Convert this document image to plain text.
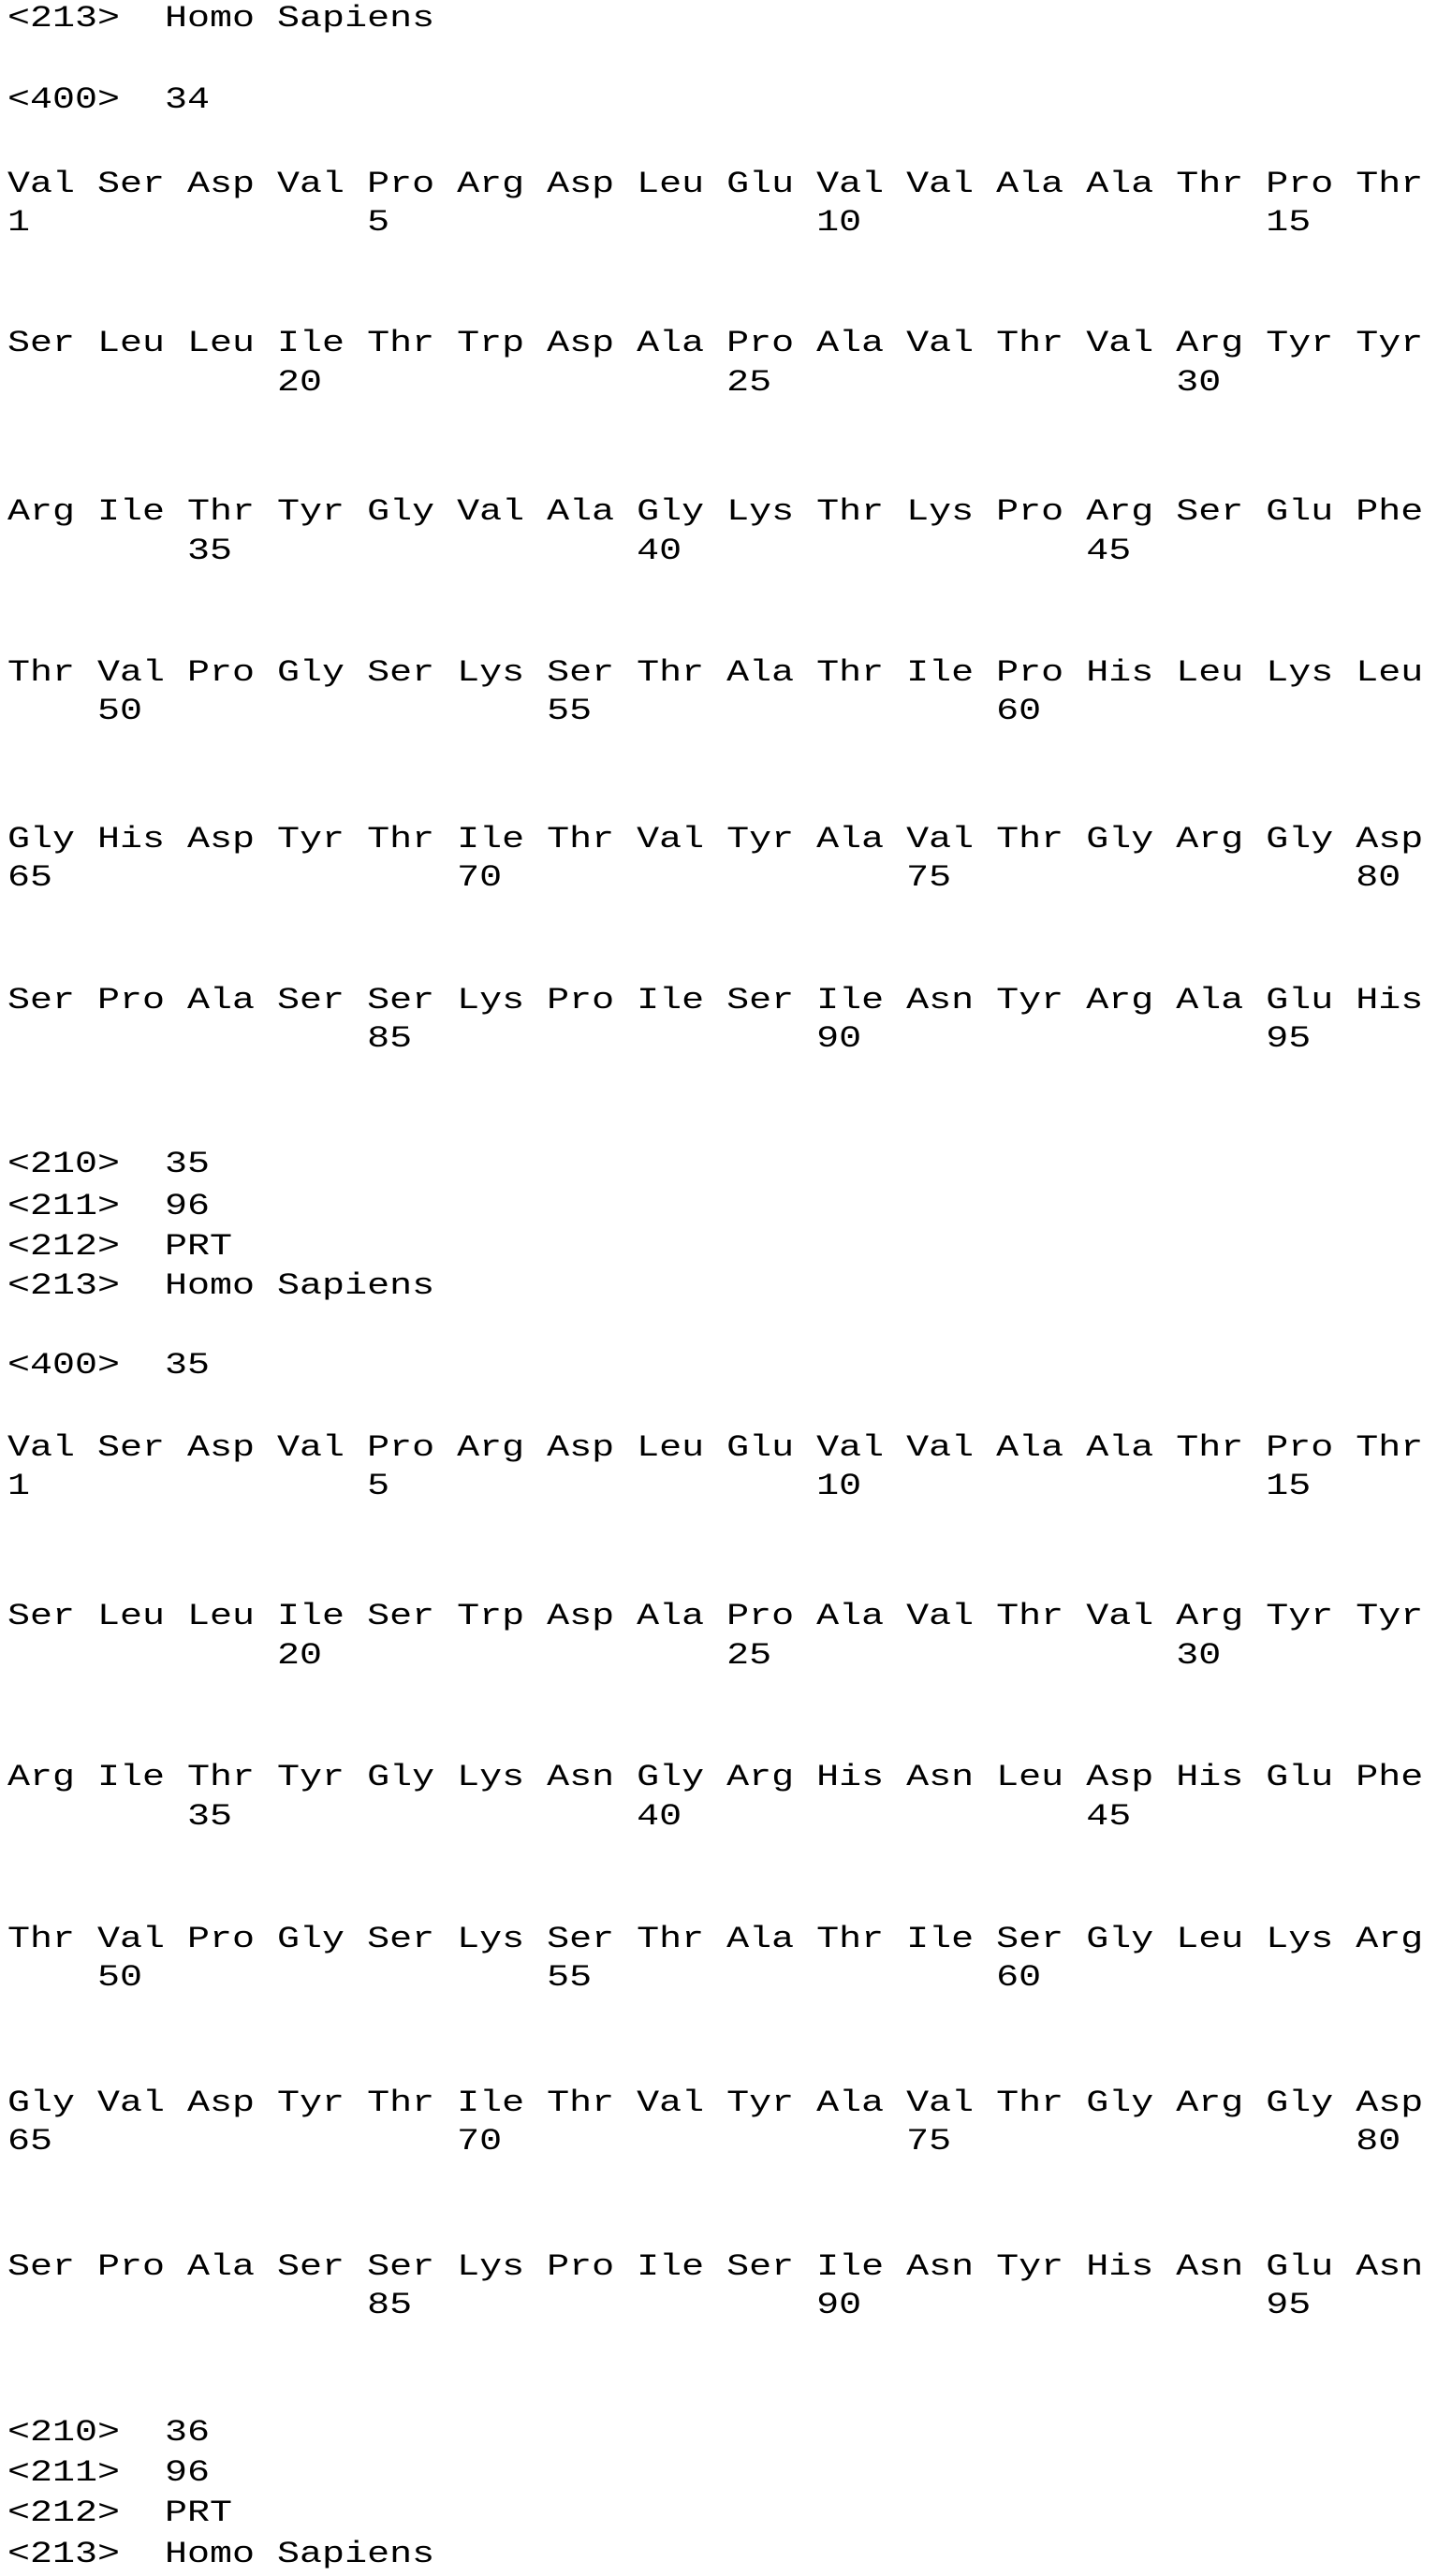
<213> Homo Sapiens
<400> 34
Val Ser Asp Val Pro Arg Asp Leu Glu Val Val Ala Ala Thr Pro Thr
1               5                   10                  15
Ser Leu Leu Ile Thr Trp Asp Ala Pro Ala Val Thr Val Arg Tyr Tyr
20                  25                  30
Arg Ile Thr Tyr Gly Val Ala Gly Lys Thr Lys Pro Arg Ser Glu Phe
35                  40                  45
Thr Val Pro Gly Ser Lys Ser Thr Ala Thr Ile Pro His Leu Lys Leu
50                  55                  60
Gly His Asp Tyr Thr Ile Thr Val Tyr Ala Val Thr Gly Arg Gly Asp
65                  70                  75                  80
Ser Pro Ala Ser Ser Lys Pro Ile Ser Ile Asn Tyr Arg Ala Glu His
85                  90                  95
<210> 35
<211> 96
<212> PRT
<213> Homo Sapiens
<400> 35
Val Ser Asp Val Pro Arg Asp Leu Glu Val Val Ala Ala Thr Pro Thr
1               5                   10                  15
Ser Leu Leu Ile Ser Trp Asp Ala Pro Ala Val Thr Val Arg Tyr Tyr
20                  25                  30
Arg Ile Thr Tyr Gly Lys Asn Gly Arg His Asn Leu Asp His Glu Phe
35                  40                  45
Thr Val Pro Gly Ser Lys Ser Thr Ala Thr Ile Ser Gly Leu Lys Arg
50                  55                  60
Gly Val Asp Tyr Thr Ile Thr Val Tyr Ala Val Thr Gly Arg Gly Asp
65                  70                  75                  80
Ser Pro Ala Ser Ser Lys Pro Ile Ser Ile Asn Tyr His Asn Glu Asn
85                  90                  95
<210> 36
<211> 96
<212> PRT
<213> Homo Sapiens
